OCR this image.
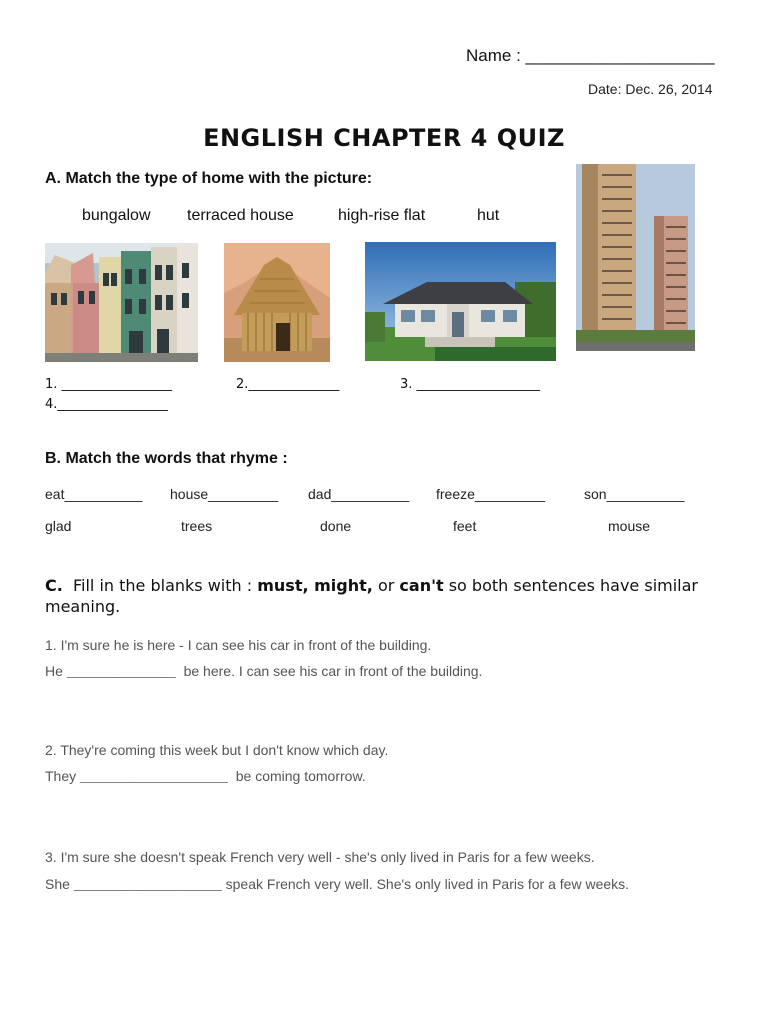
Name : ____________________
Date: Dec. 26, 2014
ENGLISH CHAPTER 4 QUIZ
A. Match the type of home with the picture:
bungalow terraced house	high-rise flat	hut
1. _________________	2.______________	3. ___________________
4._________________
B. Match the words that rhyme :
eat__________ house_________ dad__________ freeze_________	son__________
glad	trees	done	feet	mouse
C. Fill in the blanks with : must, might, or can't so both sentences have similar meaning.
1. I'm sure he is here - I can see his car in front of the building.
He ______________  be here. I can see his car in front of the building.
2. They're coming this week but I don't know which day.
They ___________________  be coming tomorrow.
3. I'm sure she doesn't speak French very well - she's only lived in Paris for a few weeks.
She ___________________ speak French very well. She's only lived in Paris for a few weeks.
